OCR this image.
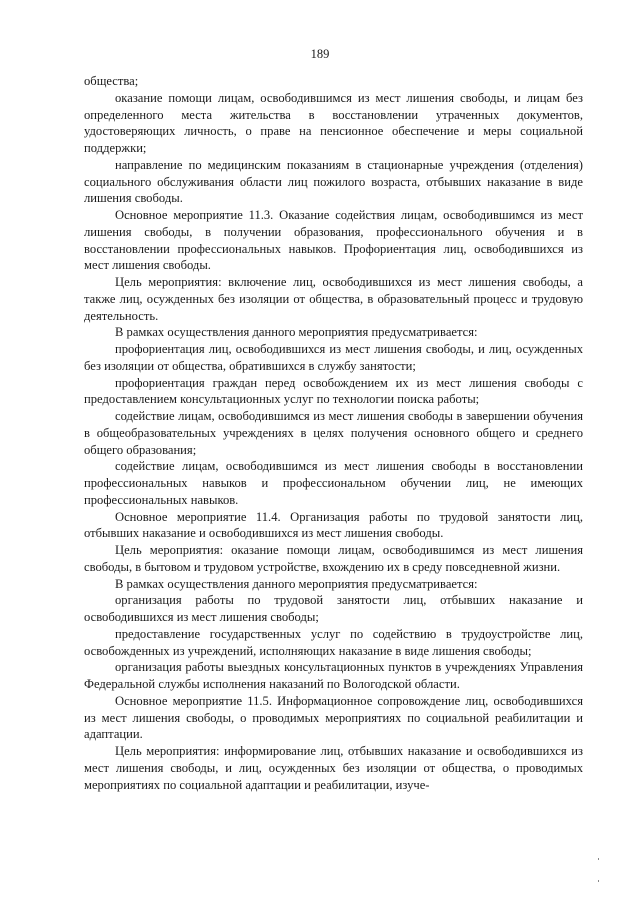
189

общества;

оказание помощи лицам, освободившимся из мест лишения свободы, и лицам без определенного места жительства в восстановлении утраченных документов, удостоверяющих личность, о праве на пенсионное обеспечение и меры социальной поддержки;

направление по медицинским показаниям в стационарные учреждения (отделения) социального обслуживания области лиц пожилого возраста, отбывших наказание в виде лишения свободы.

Основное мероприятие 11.3. Оказание содействия лицам, освободившимся из мест лишения свободы, в получении образования, профессионального обучения и в восстановлении профессиональных навыков. Профориентация лиц, освободившихся из мест лишения свободы.

Цель мероприятия: включение лиц, освободившихся из мест лишения свободы, а также лиц, осужденных без изоляции от общества, в образовательный процесс и трудовую деятельность.

В рамках осуществления данного мероприятия предусматривается:

профориентация лиц, освободившихся из мест лишения свободы, и лиц, осужденных без изоляции от общества, обратившихся в службу занятости;

профориентация граждан перед освобождением их из мест лишения свободы с предоставлением консультационных услуг по технологии поиска работы;

содействие лицам, освободившимся из мест лишения свободы в завершении обучения в общеобразовательных учреждениях в целях получения основного общего и среднего общего образования;

содействие лицам, освободившимся из мест лишения свободы в восстановлении профессиональных навыков и профессиональном обучении лиц, не имеющих профессиональных навыков.

Основное мероприятие 11.4. Организация работы по трудовой занятости лиц, отбывших наказание и освободившихся из мест лишения свободы.

Цель мероприятия: оказание помощи лицам, освободившимся из мест лишения свободы, в бытовом и трудовом устройстве, вхождению их в среду повседневной жизни.

В рамках осуществления данного мероприятия предусматривается:

организация работы по трудовой занятости лиц, отбывших наказание и освободившихся из мест лишения свободы;

предоставление государственных услуг по содействию в трудоустройстве лиц, освобожденных из учреждений, исполняющих наказание в виде лишения свободы;

организация работы выездных консультационных пунктов в учреждениях Управления Федеральной службы исполнения наказаний по Вологодской области.

Основное мероприятие 11.5. Информационное сопровождение лиц, освободившихся из мест лишения свободы, о проводимых мероприятиях по социальной реабилитации и адаптации.

Цель мероприятия: информирование лиц, отбывших наказание и освободившихся из мест лишения свободы, и лиц, осужденных без изоляции от общества, о проводимых мероприятиях по социальной адаптации и реабилитации, изуче-
